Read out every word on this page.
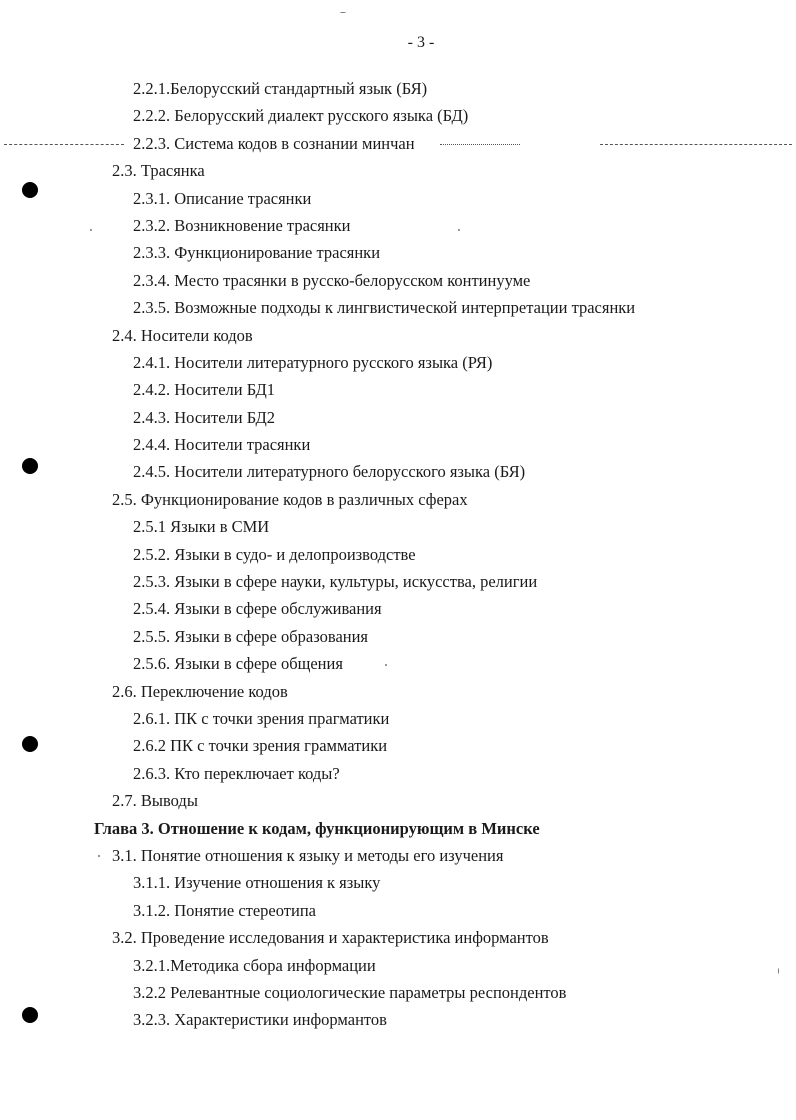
- 3 -
2.2.1.Белорусский стандартный язык (БЯ)
2.2.2. Белорусский диалект русского языка (БД)
2.2.3. Система кодов в сознании минчан
2.3. Трасянка
2.3.1. Описание трасянки
2.3.2. Возникновение трасянки
2.3.3. Функционирование трасянки
2.3.4. Место трасянки в русско-белорусском континууме
2.3.5. Возможные подходы к лингвистической интерпретации трасянки
2.4. Носители кодов
2.4.1. Носители литературного русского языка (РЯ)
2.4.2. Носители БД1
2.4.3. Носители БД2
2.4.4. Носители трасянки
2.4.5. Носители литературного белорусского языка (БЯ)
2.5. Функционирование кодов в различных сферах
2.5.1 Языки в СМИ
2.5.2. Языки в судо- и делопроизводстве
2.5.3. Языки в сфере науки, культуры, искусства, религии
2.5.4. Языки в сфере обслуживания
2.5.5. Языки в сфере образования
2.5.6. Языки в сфере общения
2.6. Переключение кодов
2.6.1. ПК с точки зрения прагматики
2.6.2 ПК с точки зрения грамматики
2.6.3. Кто переключает коды?
2.7. Выводы
Глава 3. Отношение к кодам, функционирующим в Минске
3.1. Понятие отношения к языку и методы его изучения
3.1.1. Изучение отношения к языку
3.1.2. Понятие стереотипа
3.2. Проведение исследования и характеристика информантов
3.2.1.Методика сбора информации
3.2.2 Релевантные социологические параметры респондентов
3.2.3. Характеристики информантов
